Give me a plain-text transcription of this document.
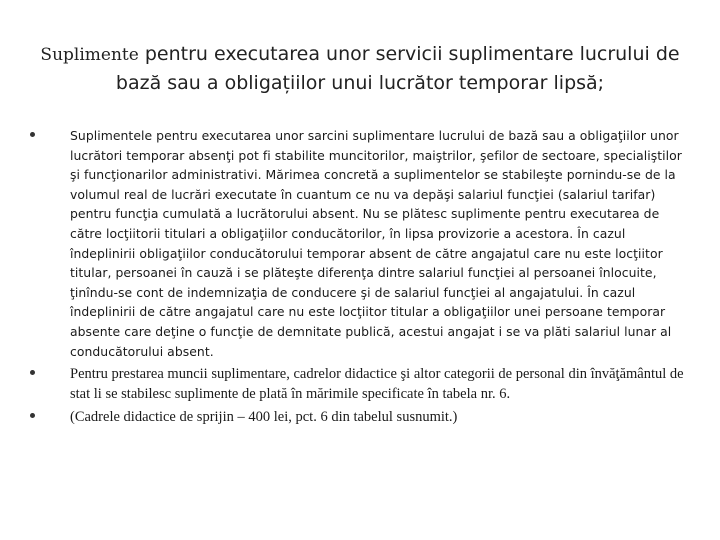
Suplimente pentru executarea unor servicii suplimentare lucrului de bază sau a obligațiilor unui lucrător temporar lipsă;
Suplimentele pentru executarea unor sarcini suplimentare lucrului de bază sau a obligaţiilor unor lucrători temporar absenţi pot fi stabilite muncitorilor, maiştrilor, şefilor de sectoare, specialiştilor şi funcţionarilor administrativi. Mărimea concretă a suplimentelor se stabileşte pornindu-se de la volumul real de lucrări executate în cuantum ce nu va depăşi salariul funcţiei (salariul tarifar) pentru funcţia cumulată a lucrătorului absent. Nu se plătesc suplimente pentru executarea de către locţiitorii titulari a obligaţiilor conducătorilor, în lipsa provizorie a acestora. În cazul îndeplinirii obligaţiilor conducătorului temporar absent de către angajatul care nu este locţiitor titular, persoanei în cauză i se plăteşte diferenţa dintre salariul funcţiei al persoanei înlocuite, ţinîndu-se cont de indemnizaţia de conducere şi de salariul funcţiei al angajatului. În cazul îndeplinirii de către angajatul care nu este locţiitor titular a obligaţiilor unei persoane temporar absente care deţine o funcţie de demnitate publică, acestui angajat i se va plăti salariul lunar al conducătorului absent.
Pentru prestarea muncii suplimentare, cadrelor didactice şi altor categorii de personal din învăţământul de stat li se stabilesc suplimente de plată în mărimile specificate în tabela nr. 6.
(Cadrele didactice de sprijin – 400 lei, pct. 6 din tabelul susnumit.)
